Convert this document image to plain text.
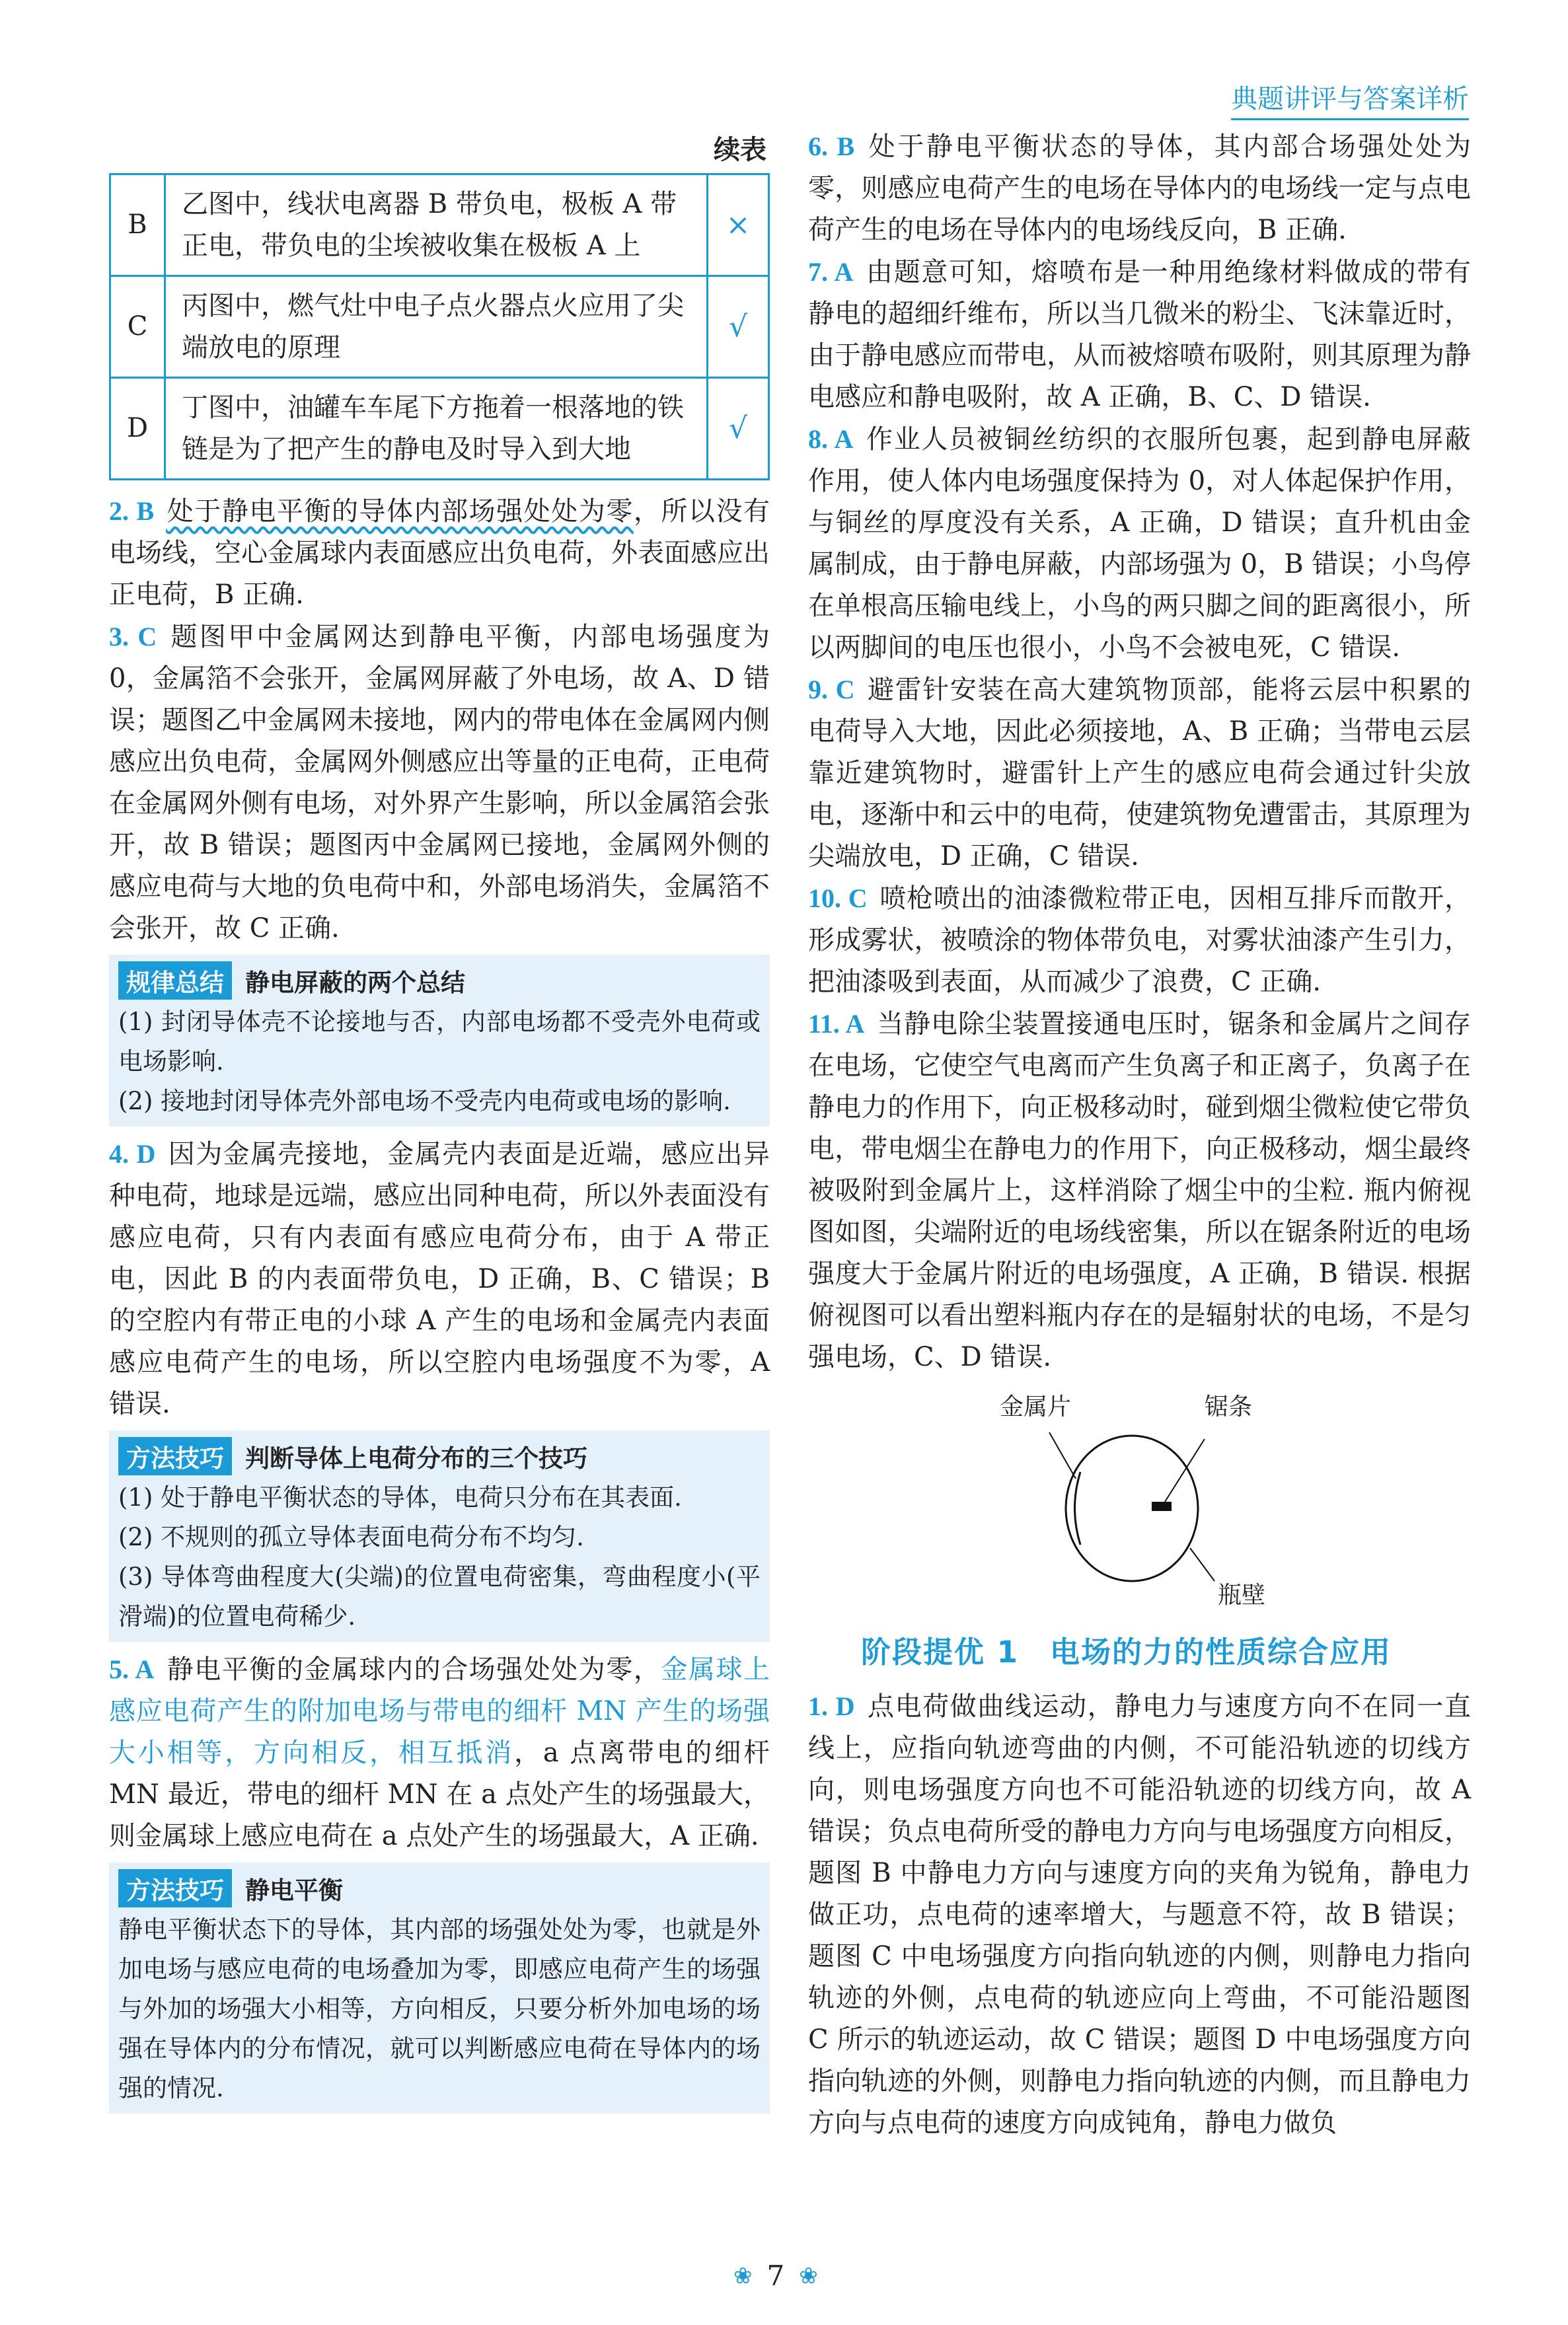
典题讲评与答案详析
续表
B	乙图中，线状电离器 B 带负电，极板 A 带正电，带负电的尘埃被收集在极板 A 上	×
C	丙图中，燃气灶中电子点火器点火应用了尖端放电的原理	√
D	丁图中，油罐车车尾下方拖着一根落地的铁链是为了把产生的静电及时导入到大地	√

2. B 处于静电平衡的导体内部场强处处为零，所以没有电场线，空心金属球内表面感应出负电荷，外表面感应出正电荷，B 正确.

3. C 题图甲中金属网达到静电平衡，内部电场强度为 0，金属箔不会张开，金属网屏蔽了外电场，故 A、D 错误；题图乙中金属网未接地，网内的带电体在金属网内侧感应出负电荷，金属网外侧感应出等量的正电荷，正电荷在金属网外侧有电场，对外界产生影响，所以金属箔会张开，故 B 错误；题图丙中金属网已接地，金属网外侧的感应电荷与大地的负电荷中和，外部电场消失，金属箔不会张开，故 C 正确.

规律总结 静电屏蔽的两个总结

(1) 封闭导体壳不论接地与否，内部电场都不受壳外电荷或电场影响.

(2) 接地封闭导体壳外部电场不受壳内电荷或电场的影响.

4. D 因为金属壳接地，金属壳内表面是近端，感应出异种电荷，地球是远端，感应出同种电荷，所以外表面没有感应电荷，只有内表面有感应电荷分布，由于 A 带正电，因此 B 的内表面带负电，D 正确，B、C 错误；B 的空腔内有带正电的小球 A 产生的电场和金属壳内表面感应电荷产生的电场，所以空腔内电场强度不为零，A 错误.

方法技巧 判断导体上电荷分布的三个技巧

(1) 处于静电平衡状态的导体，电荷只分布在其表面.

(2) 不规则的孤立导体表面电荷分布不均匀.

(3) 导体弯曲程度大(尖端)的位置电荷密集，弯曲程度小(平滑端)的位置电荷稀少.

5. A 静电平衡的金属球内的合场强处处为零，金属球上感应电荷产生的附加电场与带电的细杆 MN 产生的场强大小相等，方向相反，相互抵消，a 点离带电的细杆 MN 最近，带电的细杆 MN 在 a 点处产生的场强最大，则金属球上感应电荷在 a 点处产生的场强最大，A 正确.

方法技巧 静电平衡

静电平衡状态下的导体，其内部的场强处处为零，也就是外加电场与感应电荷的电场叠加为零，即感应电荷产生的场强与外加的场强大小相等，方向相反，只要分析外加电场的场强在导体内的分布情况，就可以判断感应电荷在导体内的场强的情况.

6. B 处于静电平衡状态的导体，其内部合场强处处为零，则感应电荷产生的电场在导体内的电场线一定与点电荷产生的电场在导体内的电场线反向，B 正确.

7. A 由题意可知，熔喷布是一种用绝缘材料做成的带有静电的超细纤维布，所以当几微米的粉尘、飞沫靠近时，由于静电感应而带电，从而被熔喷布吸附，则其原理为静电感应和静电吸附，故 A 正确，B、C、D 错误.

8. A 作业人员被铜丝纺织的衣服所包裹，起到静电屏蔽作用，使人体内电场强度保持为 0，对人体起保护作用，与铜丝的厚度没有关系，A 正确，D 错误；直升机由金属制成，由于静电屏蔽，内部场强为 0，B 错误；小鸟停在单根高压输电线上，小鸟的两只脚之间的距离很小，所以两脚间的电压也很小，小鸟不会被电死，C 错误.

9. C 避雷针安装在高大建筑物顶部，能将云层中积累的电荷导入大地，因此必须接地，A、B 正确；当带电云层靠近建筑物时，避雷针上产生的感应电荷会通过针尖放电，逐渐中和云中的电荷，使建筑物免遭雷击，其原理为尖端放电，D 正确，C 错误.

10. C 喷枪喷出的油漆微粒带正电，因相互排斥而散开，形成雾状，被喷涂的物体带负电，对雾状油漆产生引力，把油漆吸到表面，从而减少了浪费，C 正确.

11. A 当静电除尘装置接通电压时，锯条和金属片之间存在电场，它使空气电离而产生负离子和正离子，负离子在静电力的作用下，向正极移动时，碰到烟尘微粒使它带负电，带电烟尘在静电力的作用下，向正极移动，烟尘最终被吸附到金属片上，这样消除了烟尘中的尘粒. 瓶内俯视图如图，尖端附近的电场线密集，所以在锯条附近的电场强度大于金属片附近的电场强度，A 正确，B 错误. 根据俯视图可以看出塑料瓶内存在的是辐射状的电场，不是匀强电场，C、D 错误.

金属片	锯条
瓶壁
阶段提优 1　电场的力的性质综合应用

1. D 点电荷做曲线运动，静电力与速度方向不在同一直线上，应指向轨迹弯曲的内侧，不可能沿轨迹的切线方向，则电场强度方向也不可能沿轨迹的切线方向，故 A 错误；负点电荷所受的静电力方向与电场强度方向相反，题图 B 中静电力方向与速度方向的夹角为锐角，静电力做正功，点电荷的速率增大，与题意不符，故 B 错误；题图 C 中电场强度方向指向轨迹的内侧，则静电力指向轨迹的外侧，点电荷的轨迹应向上弯曲，不可能沿题图 C 所示的轨迹运动，故 C 错误；题图 D 中电场强度方向指向轨迹的外侧，则静电力指向轨迹的内侧，而且静电力方向与点电荷的速度方向成钝角，静电力做负

❀ 7 ❀
